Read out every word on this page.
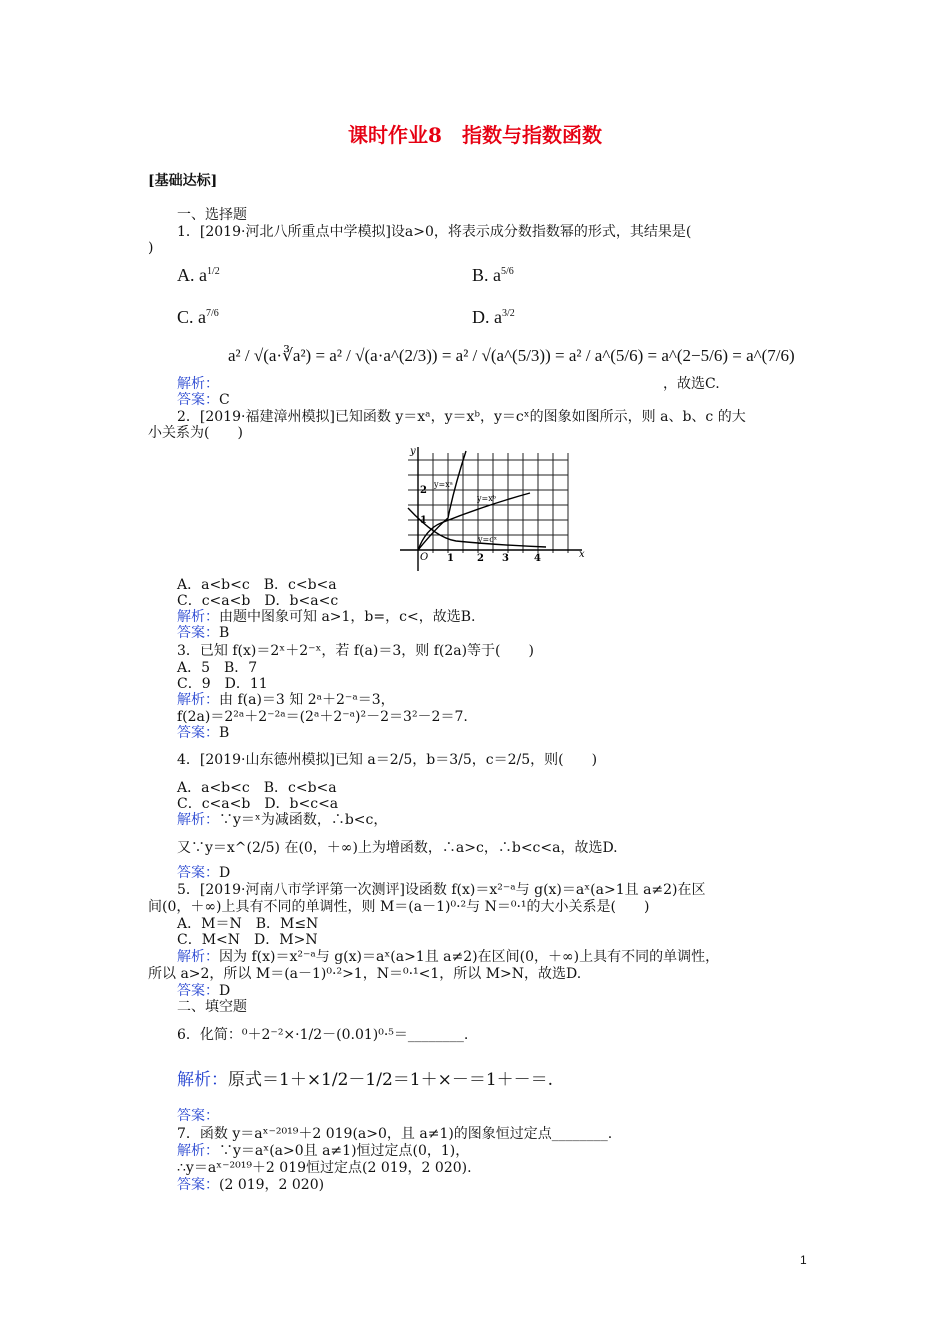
课时作业8　指数与指数函数
[基础达标]
一、选择题
1．[2019·河北八所重点中学模拟]设a>0，将表示成分数指数幂的形式，其结果是(
)
A. $a^{1/2}$	B. $a^{5/6}$
C. $a^{7/6}$	D. $a^{3/2}$
a² / √(a·∛a²) = a² / √(a·a^(2/3)) = a² / √(a^(5/3)) = a² / a^(5/6) = a^(2−5/6) = a^(7/6)
解析：	，故选C.
答案：C
2．[2019·福建漳州模拟]已知函数 y＝xᵃ，y＝xᵇ，y＝cˣ的图象如图所示，则 a、b、c 的大
小关系为(　　)
y
x
O 1 2 3	4
1
2
y=xᵃ
y=xᵇ
y=cˣ
A．a<b<c　B．c<b<a
C．c<a<b　D．b<a<c
解析：由题中图象可知 a>1，b=，c<，故选B.
答案：B
3．已知 f(x)＝2ˣ＋2⁻ˣ，若 f(a)＝3，则 f(2a)等于(　　)
A．5　B．7
C．9　D．11
解析：由 f(a)＝3 知 2ᵃ＋2⁻ᵃ＝3，
f(2a)＝2²ᵃ＋2⁻²ᵃ＝(2ᵃ＋2⁻ᵃ)²－2＝3²－2＝7.
答案：B
4．[2019·山东德州模拟]已知 a＝2/5，b＝3/5，c＝2/5，则(　　)
A．a<b<c　B．c<b<a
C．c<a<b　D．b<c<a
解析：∵y＝ˣ为减函数，∴b<c，
又∵y＝x^(2/5) 在(0，＋∞)上为增函数，∴a>c，∴b<c<a，故选D.
答案：D
5．[2019·河南八市学评第一次测评]设函数 f(x)＝x²⁻ᵃ与 g(x)＝aˣ(a>1且 a≠2)在区
间(0，＋∞)上具有不同的单调性，则 M＝(a－1)⁰·²与 N＝⁰·¹的大小关系是(　　)
A．M＝N　B．M≤N
C．M<N　D．M>N
解析：因为 f(x)＝x²⁻ᵃ与 g(x)＝aˣ(a>1且 a≠2)在区间(0，＋∞)上具有不同的单调性，
所以 a>2，所以 M＝(a－1)⁰·²>1，N＝⁰·¹<1，所以 M>N，故选D.
答案：D
二、填空题
6．化简：⁰＋2⁻²×·1/2－(0.01)⁰·⁵＝________.
解析：原式＝1＋×1/2－1/2＝1＋×－＝1＋－＝.
答案：
7．函数 y＝aˣ⁻²⁰¹⁹＋2 019(a>0，且 a≠1)的图象恒过定点________.
解析：∵y＝aˣ(a>0且 a≠1)恒过定点(0，1)，
∴y＝aˣ⁻²⁰¹⁹＋2 019恒过定点(2 019，2 020).
答案：(2 019，2 020)
1
